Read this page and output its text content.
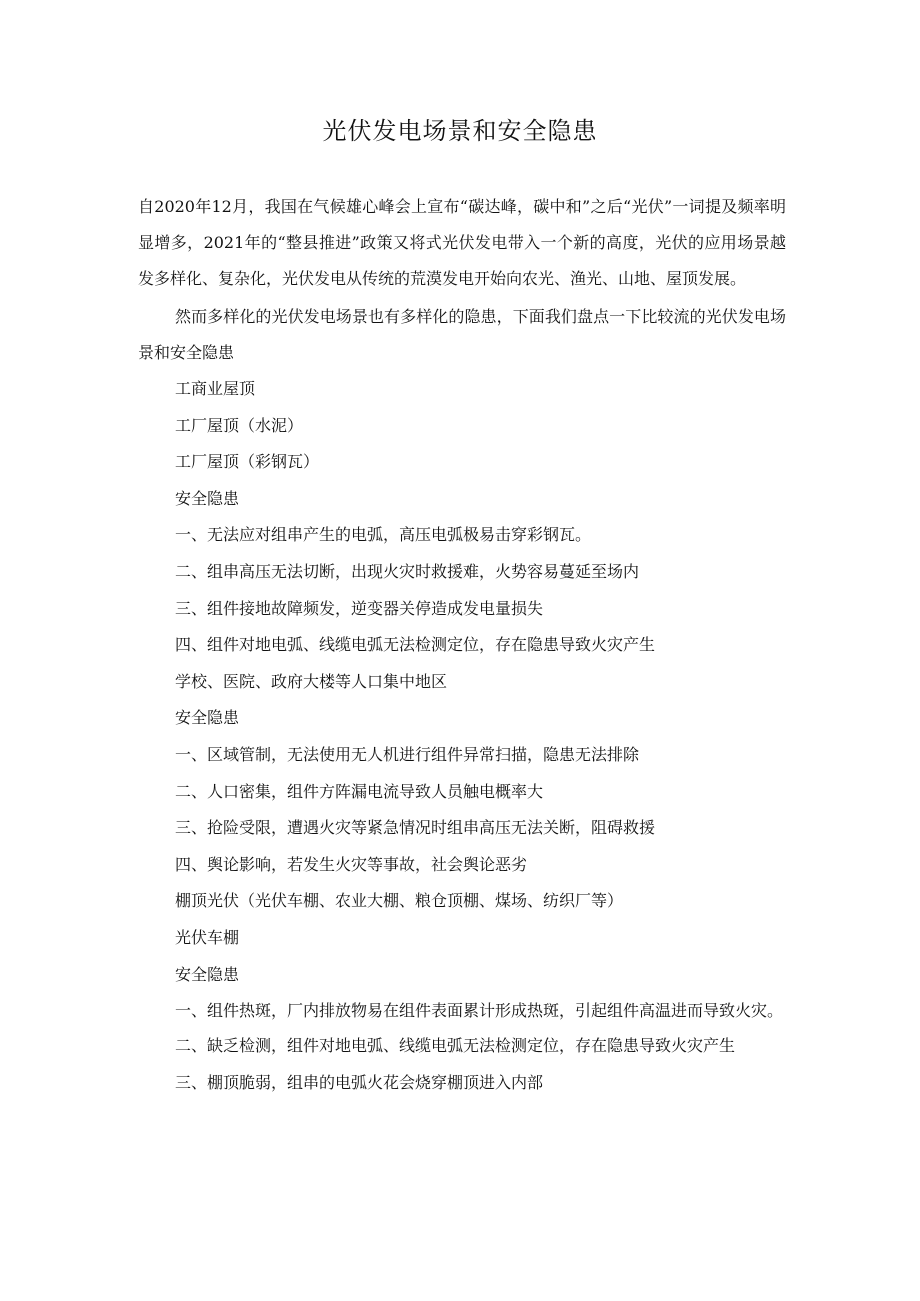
光伏发电场景和安全隐患

自2020年12月，我国在气候雄心峰会上宣布“碳达峰，碳中和”之后“光伏”一词提及频率明显增多，2021年的“整县推进”政策又将式光伏发电带入一个新的高度，光伏的应用场景越发多样化、复杂化，光伏发电从传统的荒漠发电开始向农光、渔光、山地、屋顶发展。

然而多样化的光伏发电场景也有多样化的隐患，下面我们盘点一下比较流的光伏发电场景和安全隐患

工商业屋顶

工厂屋顶（水泥）

工厂屋顶（彩钢瓦）

安全隐患

一、无法应对组串产生的电弧，高压电弧极易击穿彩钢瓦。

二、组串高压无法切断，出现火灾时救援难，火势容易蔓延至场内

三、组件接地故障频发，逆变器关停造成发电量损失

四、组件对地电弧、线缆电弧无法检测定位，存在隐患导致火灾产生

学校、医院、政府大楼等人口集中地区

安全隐患

一、区域管制，无法使用无人机进行组件异常扫描，隐患无法排除

二、人口密集，组件方阵漏电流导致人员触电概率大

三、抢险受限，遭遇火灾等紧急情况时组串高压无法关断，阻碍救援

四、舆论影响，若发生火灾等事故，社会舆论恶劣

棚顶光伏（光伏车棚、农业大棚、粮仓顶棚、煤场、纺织厂等）

光伏车棚

安全隐患

一、组件热斑，厂内排放物易在组件表面累计形成热斑，引起组件高温进而导致火灾。

二、缺乏检测，组件对地电弧、线缆电弧无法检测定位，存在隐患导致火灾产生

三、棚顶脆弱，组串的电弧火花会烧穿棚顶进入内部
